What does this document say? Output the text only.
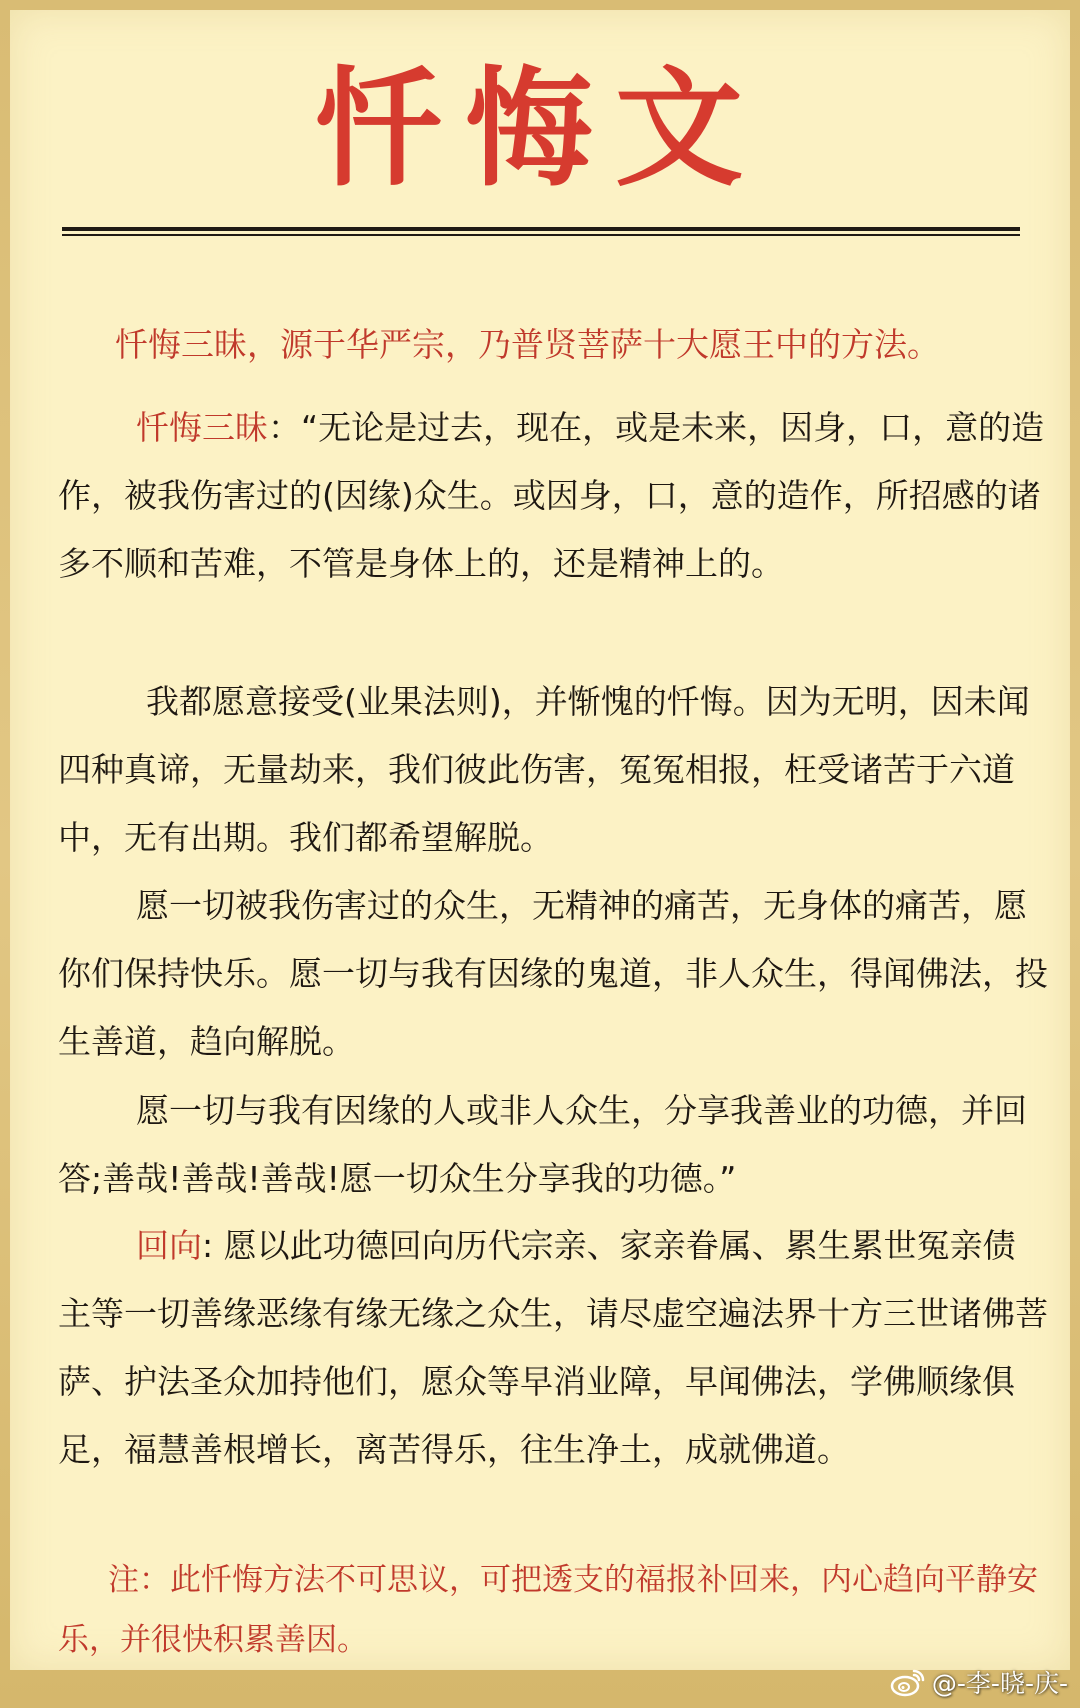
忏悔文

忏悔三昧，源于华严宗，乃普贤菩萨十大愿王中的方法。

忏悔三昧：“无论是过去，现在，或是未来，因身，口，意的造作，被我伤害过的(因缘)众生。或因身，口，意的造作，所招感的诸多不顺和苦难，不管是身体上的，还是精神上的。

我都愿意接受(业果法则)，并惭愧的忏悔。因为无明，因未闻四种真谛，无量劫来，我们彼此伤害，冤冤相报，枉受诸苦于六道中，无有出期。我们都希望解脱。

愿一切被我伤害过的众生，无精神的痛苦，无身体的痛苦，愿你们保持快乐。愿一切与我有因缘的鬼道，非人众生，得闻佛法，投生善道，趋向解脱。

愿一切与我有因缘的人或非人众生，分享我善业的功德，并回答;善哉!善哉!善哉!愿一切众生分享我的功德。”

回向: 愿以此功德回向历代宗亲、家亲眷属、累生累世冤亲债主等一切善缘恶缘有缘无缘之众生，请尽虚空遍法界十方三世诸佛菩萨、护法圣众加持他们，愿众等早消业障，早闻佛法，学佛顺缘俱足，福慧善根增长，离苦得乐，往生净土，成就佛道。

注：此忏悔方法不可思议，可把透支的福报补回来，内心趋向平静安乐，并很快积累善因。

@-李-晓-庆-
